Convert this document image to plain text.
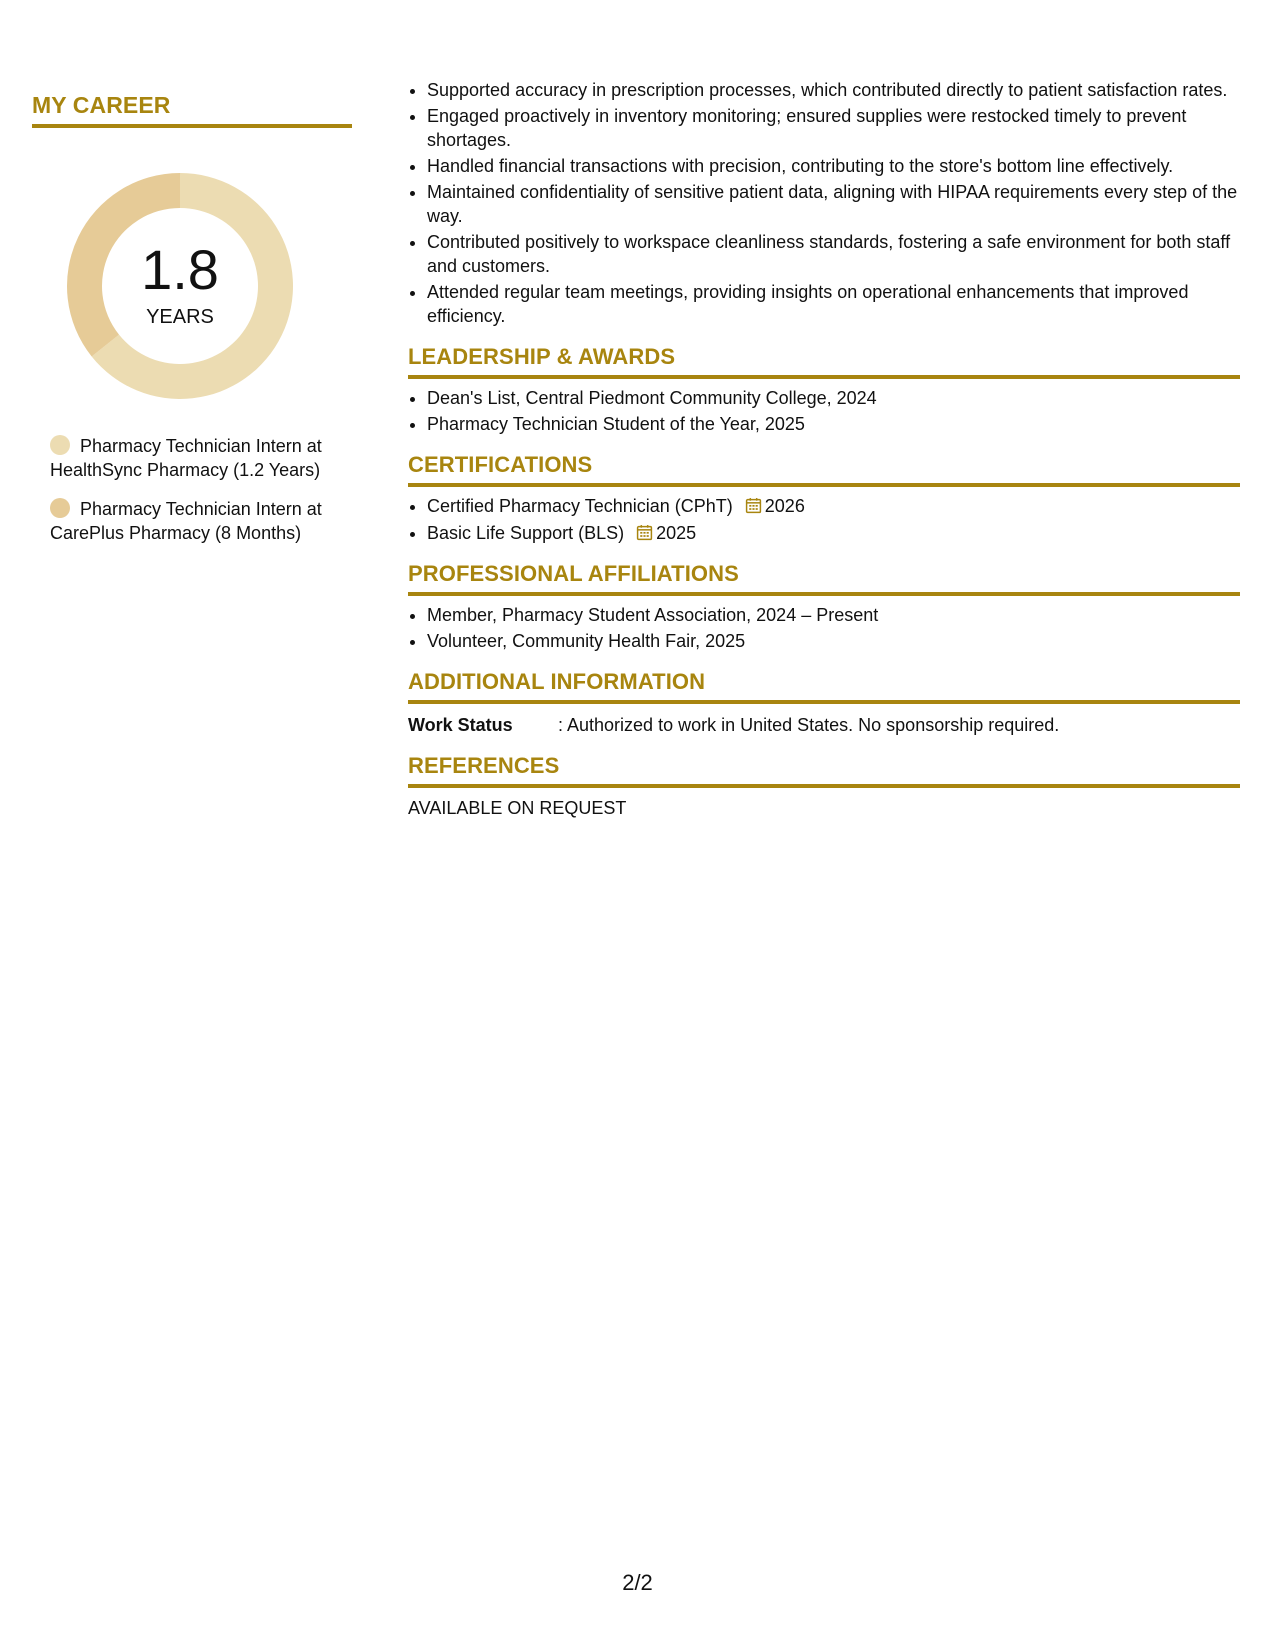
MY CAREER
1.8
YEARS
Pharmacy Technician Intern at HealthSync Pharmacy (1.2 Years)
Pharmacy Technician Intern at CarePlus Pharmacy (8 Months)
• Supported accuracy in prescription processes, which contributed directly to patient satisfaction rates.
• Engaged proactively in inventory monitoring; ensured supplies were restocked timely to prevent shortages.
• Handled financial transactions with precision, contributing to the store's bottom line effectively.
• Maintained confidentiality of sensitive patient data, aligning with HIPAA requirements every step of the way.
• Contributed positively to workspace cleanliness standards, fostering a safe environment for both staff and customers.
• Attended regular team meetings, providing insights on operational enhancements that improved efficiency.
LEADERSHIP & AWARDS
• Dean's List, Central Piedmont Community College, 2024
• Pharmacy Technician Student of the Year, 2025
CERTIFICATIONS
• Certified Pharmacy Technician (CPhT) 2026
• Basic Life Support (BLS) 2025
PROFESSIONAL AFFILIATIONS
• Member, Pharmacy Student Association, 2024 – Present
• Volunteer, Community Health Fair, 2025
ADDITIONAL INFORMATION
Work Status	: Authorized to work in United States. No sponsorship required.
REFERENCES
AVAILABLE ON REQUEST
2/2
